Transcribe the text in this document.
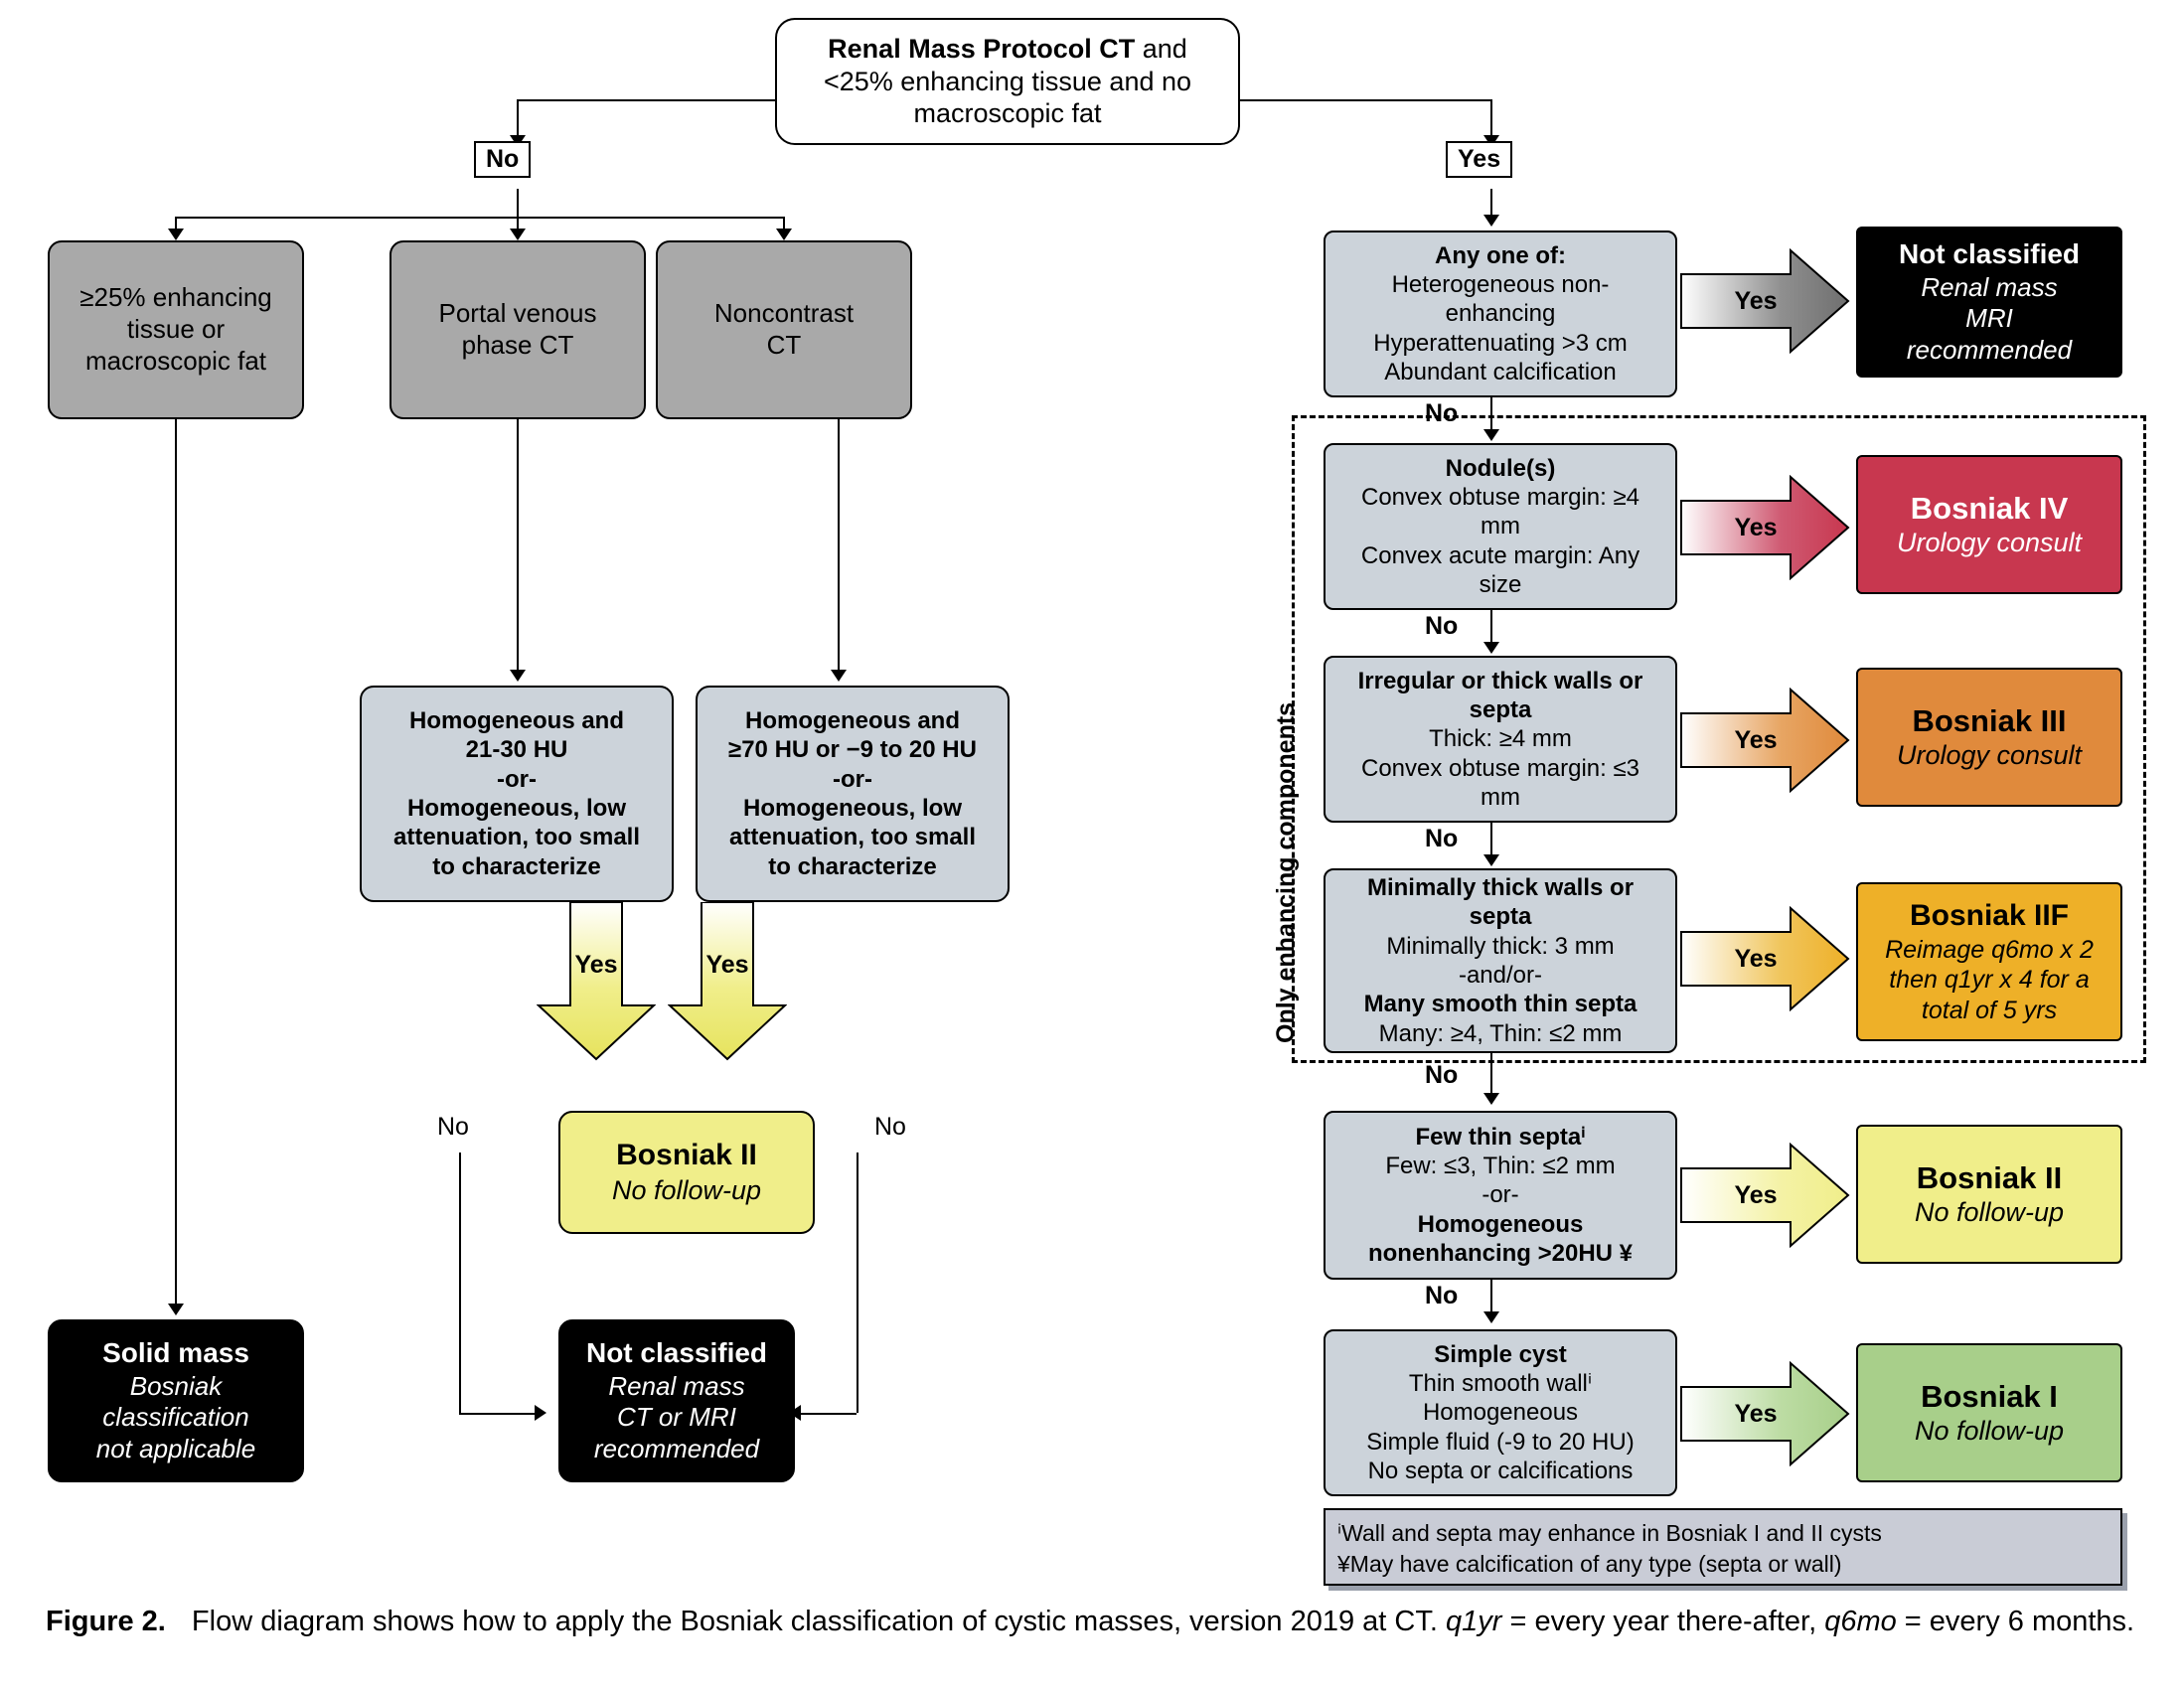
Renal Mass Protocol CT and
<25% enhancing tissue and no
macroscopic fat
No	Yes
≥25% enhancing
tissue or
macroscopic fat
Portal venous
phase CT
Noncontrast
CT
Homogeneous and
21-30 HU
-or-
Homogeneous, low
attenuation, too small
to characterize
Homogeneous and
≥70 HU or −9 to 20 HU
-or-
Homogeneous, low
attenuation, too small
to characterize
Yes	Yes
Bosniak II
No follow-up
No	No
Solid mass
Bosniak
classification
not applicable
Not classified
Renal mass
CT or MRI
recommended
Only enhancing components
Any one of:
Heterogeneous non-
enhancing
Hyperattenuating >3 cm
Abundant calcification
Yes
Not classified
Renal mass
MRI
recommended
No
Nodule(s)
Convex obtuse margin: ≥4
mm
Convex acute margin: Any
size
Yes
Bosniak IV
Urology consult
No
Irregular or thick walls or
septa
Thick: ≥4 mm
Convex obtuse margin: ≤3
mm
Yes
Bosniak III
Urology consult
No
Minimally thick walls or
septa
Minimally thick: 3 mm
-and/or-
Many smooth thin septa
Many: ≥4, Thin: ≤2 mm
Yes
Bosniak IIF
Reimage q6mo x 2
then q1yr x 4 for a
total of 5 yrs
No
Few thin septaⁱ
Few: ≤3, Thin: ≤2 mm
-or-
Homogeneous
nonenhancing >20HU ¥
Yes	Bosniak II
No follow-up
No
Simple cyst
Thin smooth wallⁱ
Homogeneous
Simple fluid (-9 to 20 HU)
No septa or calcifications
Yes	Bosniak I
No follow-up
ⁱWall and septa may enhance in Bosniak I and II cysts
¥May have calcification of any type (septa or wall)
Figure 2. Flow diagram shows how to apply the Bosniak classification of cystic masses, version 2019 at CT. q1yr = every year there-after, q6mo = every 6 months.
